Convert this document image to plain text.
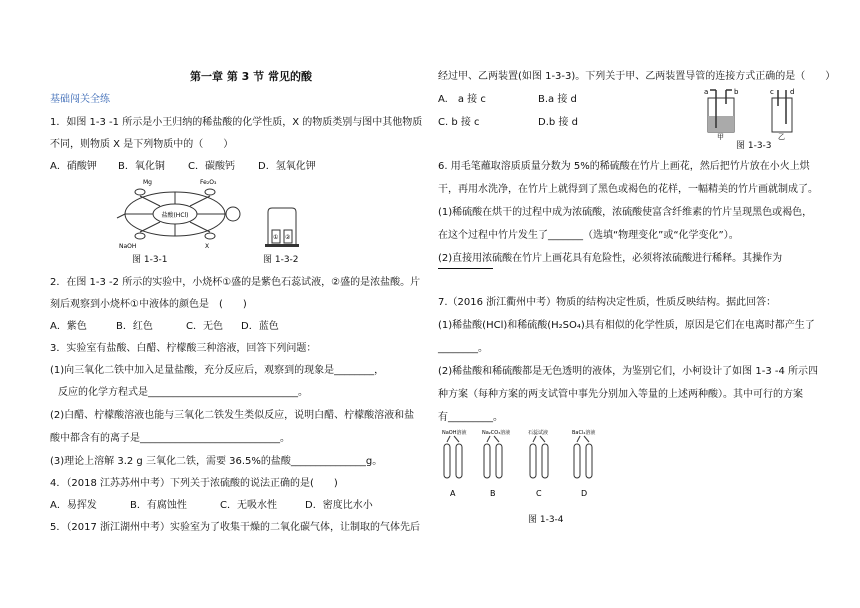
第一章 第 3 节 常见的酸
基础闯关全练
1．如图 1-3 -1 所示是小王归纳的稀盐酸的化学性质，X 的物质类别与图中其他物质
不同，则物质 X 是下列物质中的（　　）
A．硝酸钾 B．氧化铜 C．碳酸钙 D．氢氧化钾
盐酸(HCl)
Mg	Fe₂O₃
NaOH	X
图 1-3-1
① ②
图 1-3-2
2．在图 1-3 -2 所示的实验中，小烧杯①盛的是紫色石蕊试液，②盛的是浓盐酸。片
刻后观察到小烧杯①中液体的颜色是　(　　)
A．紫色	B．红色	C．无色 D．蓝色
3．实验室有盐酸、白醋、柠檬酸三种溶液，回答下列问题：
(1)向三氧化二铁中加入足量盐酸，充分反应后，观察到的现象是________，
反应的化学方程式是______________________________。
(2)白醋、柠檬酸溶液也能与三氧化二铁发生类似反应，说明白醋、柠檬酸溶液和盐
酸中都含有的离子是____________________________。
(3)理论上溶解 3.2 g 三氧化二铁，需要 36.5%的盐酸_______________g。
4．（2018 江苏苏州中考）下列关于浓硫酸的说法正确的是(　　)
A．易挥发	B．有腐蚀性	C．无吸水性	D．密度比水小
5．（2017 浙江湖州中考）实验室为了收集干燥的二氧化碳气体，让制取的气体先后
经过甲、乙两装置(如图 1-3-3)。下列关于甲、乙两装置导管的连接方式正确的是（　　）
A.　a 接 c	B.a 接 d
C. b 接 c	D.b 接 d
a	b
甲
c d
乙
图 1-3-3
6. 用毛笔蘸取溶质质量分数为 5%的稀硫酸在竹片上画花，然后把竹片放在小火上烘
干，再用水洗净，在竹片上就得到了黑色或褐色的花样，一幅精美的竹片画就制成了。
(1)稀硫酸在烘干的过程中成为浓硫酸，浓硫酸使富含纤维素的竹片呈现黑色或褐色，
在这个过程中竹片发生了_______（选填“物理变化”或“化学变化”）。
(2)直接用浓硫酸在竹片上画花具有危险性，必须将浓硫酸进行稀释。其操作为
7.（2016 浙江衢州中考）物质的结构决定性质，性质反映结构。据此回答：
(1)稀盐酸(HCl)和稀硫酸(H₂SO₄)具有相似的化学性质，原因是它们在电离时都产生了
________。
(2)稀盐酸和稀硫酸都是无色透明的液体，为鉴别它们，小柯设计了如图 1-3 -4 所示四
种方案（每种方案的两支试管中事先分别加入等量的上述两种酸）。其中可行的方案
有_________。
NaOH溶液
A
Na₂CO₃溶液
B
石蕊试液
C
BaCl₂溶液
D
图 1-3-4
